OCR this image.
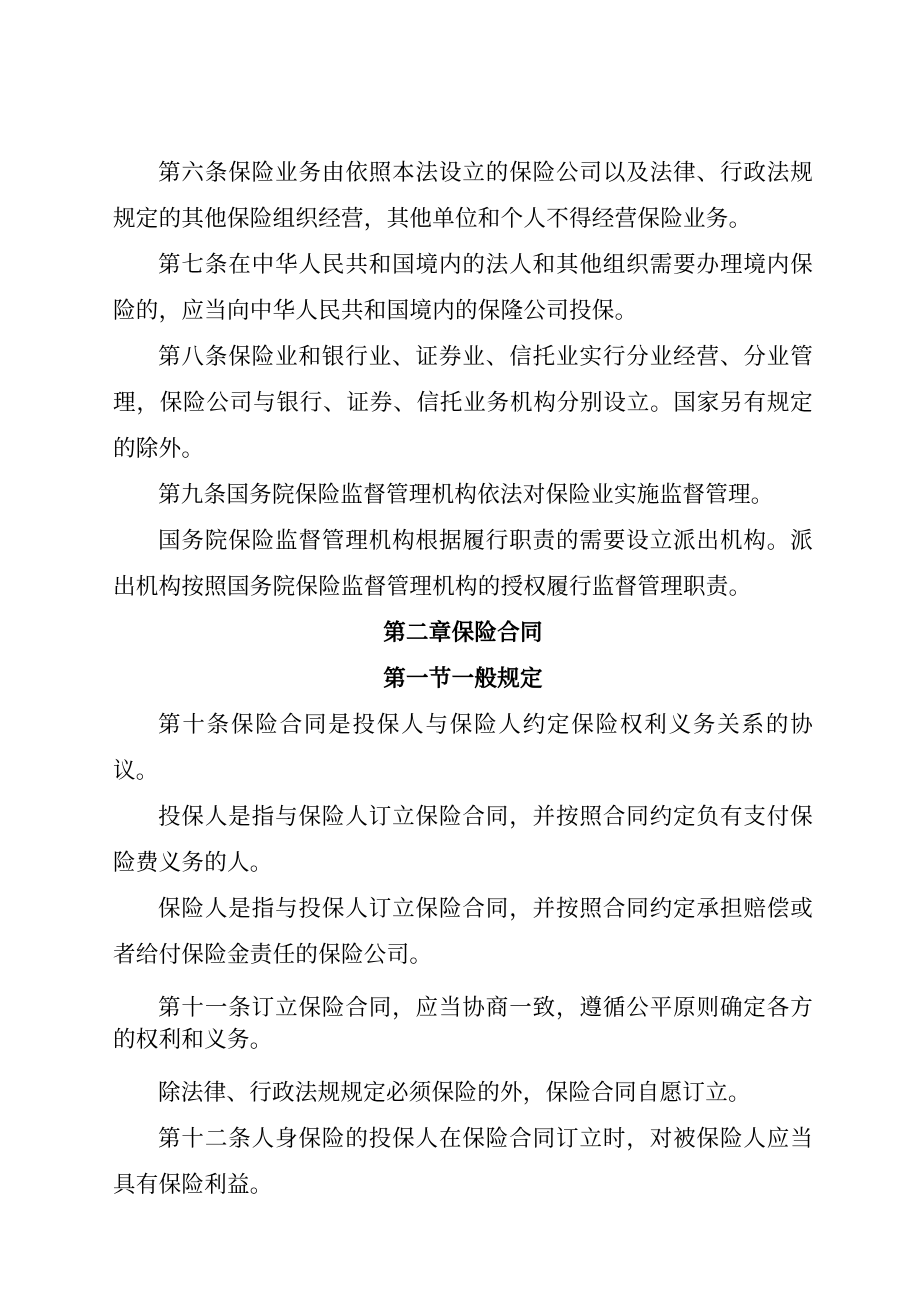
第六条保险业务由依照本法设立的保险公司以及法律、行政法规规定的其他保险组织经营，其他单位和个人不得经营保险业务。

第七条在中华人民共和国境内的法人和其他组织需要办理境内保险的，应当向中华人民共和国境内的保隆公司投保。

第八条保险业和银行业、证券业、信托业实行分业经营、分业管理，保险公司与银行、证券、信托业务机构分别设立。国家另有规定的除外。

第九条国务院保险监督管理机构依法对保险业实施监督管理。

国务院保险监督管理机构根据履行职责的需要设立派出机构。派出机构按照国务院保险监督管理机构的授权履行监督管理职责。

第二章保险合同
第一节一般规定

第十条保险合同是投保人与保险人约定保险权利义务关系的协议。

投保人是指与保险人订立保险合同，并按照合同约定负有支付保险费义务的人。

保险人是指与投保人订立保险合同，并按照合同约定承担赔偿或者给付保险金责任的保险公司。

第十一条订立保险合同，应当协商一致，遵循公平原则确定各方的权利和义务。

除法律、行政法规规定必须保险的外，保险合同自愿订立。

第十二条人身保险的投保人在保险合同订立时，对被保险人应当具有保险利益。
